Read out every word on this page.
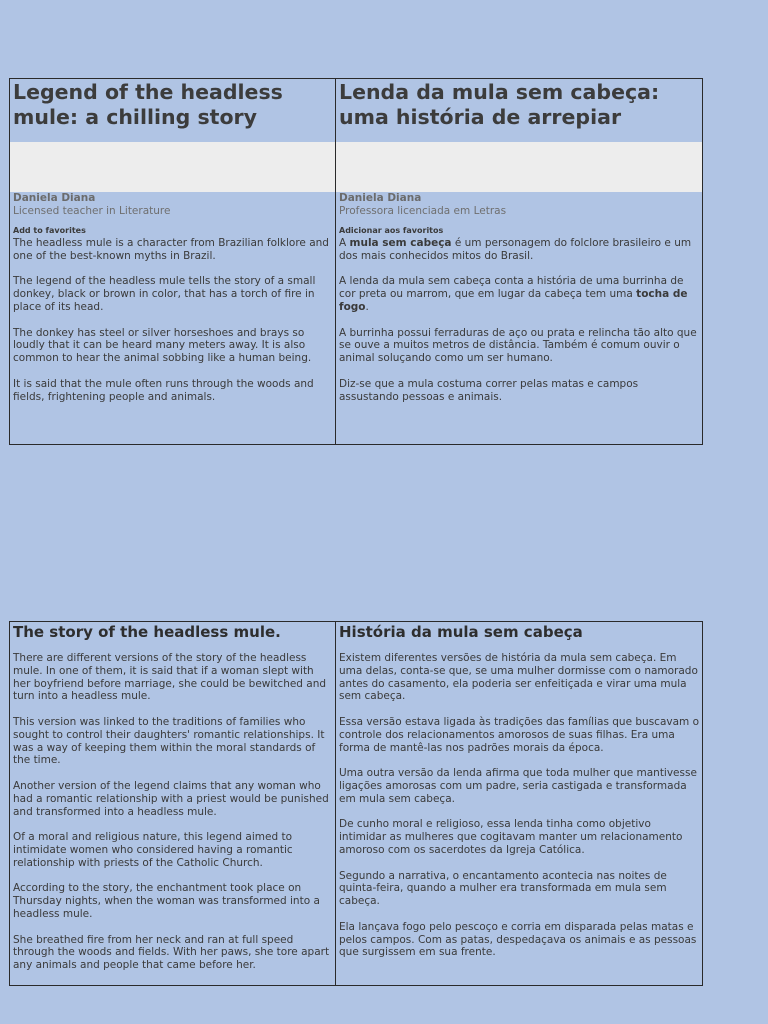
Legend of the headless mule: a chilling story
Daniela Diana
Licensed teacher in Literature
Add to favorites

The headless mule is a character from Brazilian folklore and one of the best-known myths in Brazil.

The legend of the headless mule tells the story of a small donkey, black or brown in color, that has a torch of fire in place of its head.

The donkey has steel or silver horseshoes and brays so loudly that it can be heard many meters away. It is also common to hear the animal sobbing like a human being.

It is said that the mule often runs through the woods and fields, frightening people and animals.

Lenda da mula sem cabeça: uma história de arrepiar
Daniela Diana
Professora licenciada em Letras
Adicionar aos favoritos

A mula sem cabeça é um personagem do folclore brasileiro e um dos mais conhecidos mitos do Brasil.

A lenda da mula sem cabeça conta a história de uma burrinha de cor preta ou marrom, que em lugar da cabeça tem uma tocha de fogo.

A burrinha possui ferraduras de aço ou prata e relincha tão alto que se ouve a muitos metros de distância. Também é comum ouvir o animal soluçando como um ser humano.

Diz-se que a mula costuma correr pelas matas e campos assustando pessoas e animais.

The story of the headless mule.

There are different versions of the story of the headless mule. In one of them, it is said that if a woman slept with her boyfriend before marriage, she could be bewitched and turn into a headless mule.

This version was linked to the traditions of families who sought to control their daughters' romantic relationships. It was a way of keeping them within the moral standards of the time.

Another version of the legend claims that any woman who had a romantic relationship with a priest would be punished and transformed into a headless mule.

Of a moral and religious nature, this legend aimed to intimidate women who considered having a romantic relationship with priests of the Catholic Church.

According to the story, the enchantment took place on Thursday nights, when the woman was transformed into a headless mule.

She breathed fire from her neck and ran at full speed through the woods and fields. With her paws, she tore apart any animals and people that came before her.

História da mula sem cabeça

Existem diferentes versões de história da mula sem cabeça. Em uma delas, conta-se que, se uma mulher dormisse com o namorado antes do casamento, ela poderia ser enfeitiçada e virar uma mula sem cabeça.

Essa versão estava ligada às tradições das famílias que buscavam o controle dos relacionamentos amorosos de suas filhas. Era uma forma de mantê-las nos padrões morais da época.

Uma outra versão da lenda afirma que toda mulher que mantivesse ligações amorosas com um padre, seria castigada e transformada em mula sem cabeça.

De cunho moral e religioso, essa lenda tinha como objetivo intimidar as mulheres que cogitavam manter um relacionamento amoroso com os sacerdotes da Igreja Católica.

Segundo a narrativa, o encantamento acontecia nas noites de quinta-feira, quando a mulher era transformada em mula sem cabeça.

Ela lançava fogo pelo pescoço e corria em disparada pelas matas e pelos campos. Com as patas, despedaçava os animais e as pessoas que surgissem em sua frente.
